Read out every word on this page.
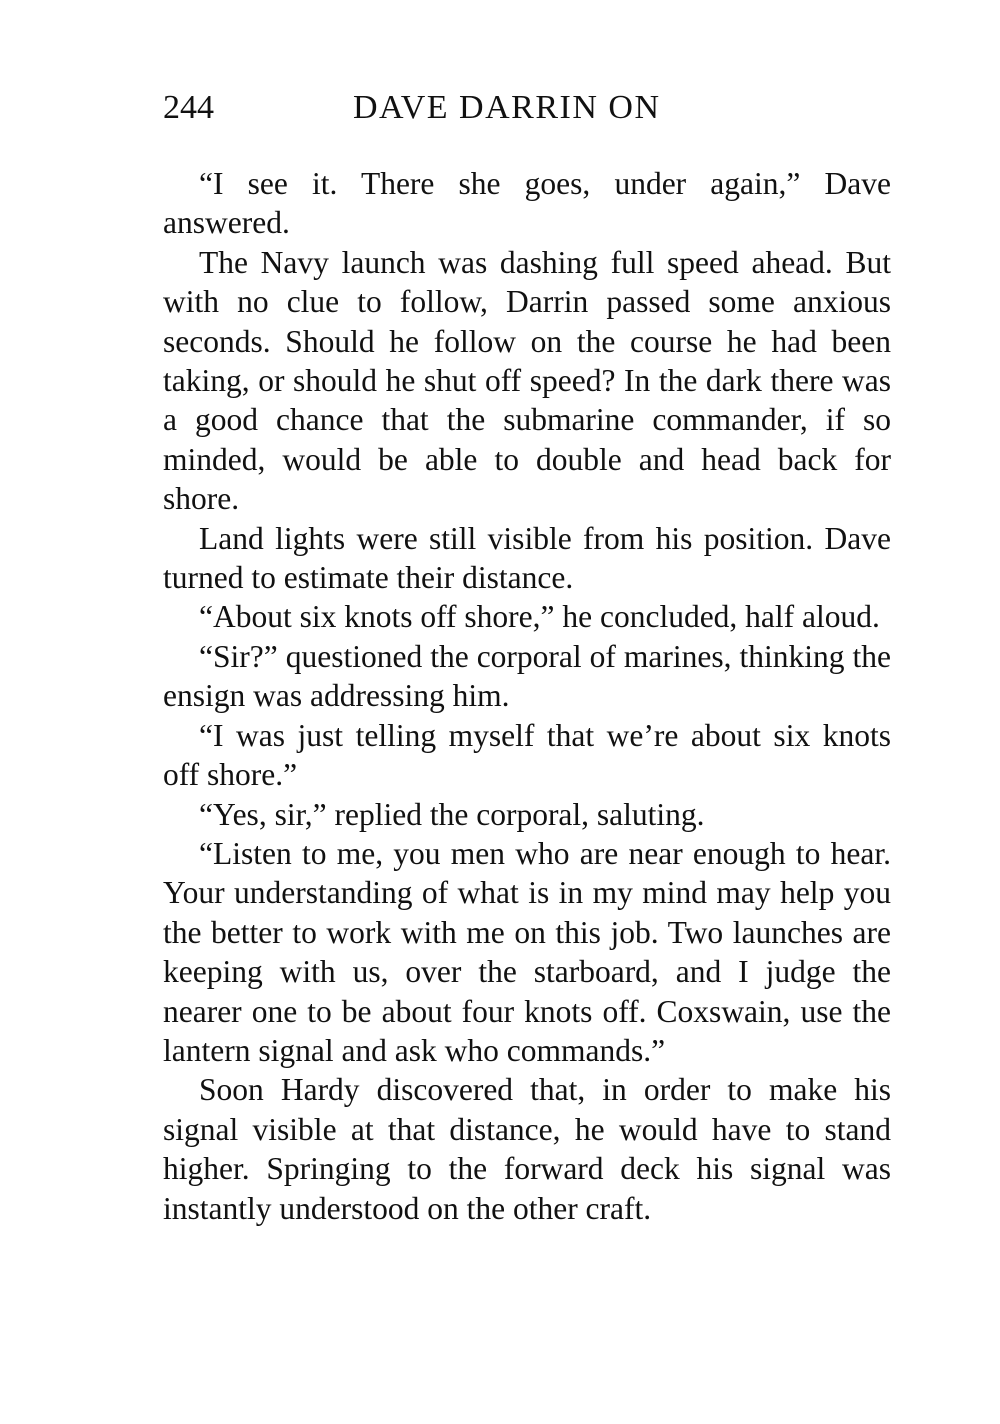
244	DAVE DARRIN ON

“I see it. There she goes, under again,” Dave answered.

The Navy launch was dashing full speed ahead. But with no clue to follow, Darrin passed some anxious seconds. Should he follow on the course he had been taking, or should he shut off speed? In the dark there was a good chance that the submarine commander, if so minded, would be able to double and head back for shore.

Land lights were still visible from his position. Dave turned to estimate their distance.

“About six knots off shore,” he concluded, half aloud.

“Sir?” questioned the corporal of marines, thinking the ensign was addressing him.

“I was just telling myself that we’re about six knots off shore.”

“Yes, sir,” replied the corporal, saluting.

“Listen to me, you men who are near enough to hear. Your understanding of what is in my mind may help you the better to work with me on this job. Two launches are keeping with us, over the starboard, and I judge the nearer one to be about four knots off. Coxswain, use the lantern signal and ask who commands.”

Soon Hardy discovered that, in order to make his signal visible at that distance, he would have to stand higher. Springing to the forward deck his signal was instantly understood on the other craft.
